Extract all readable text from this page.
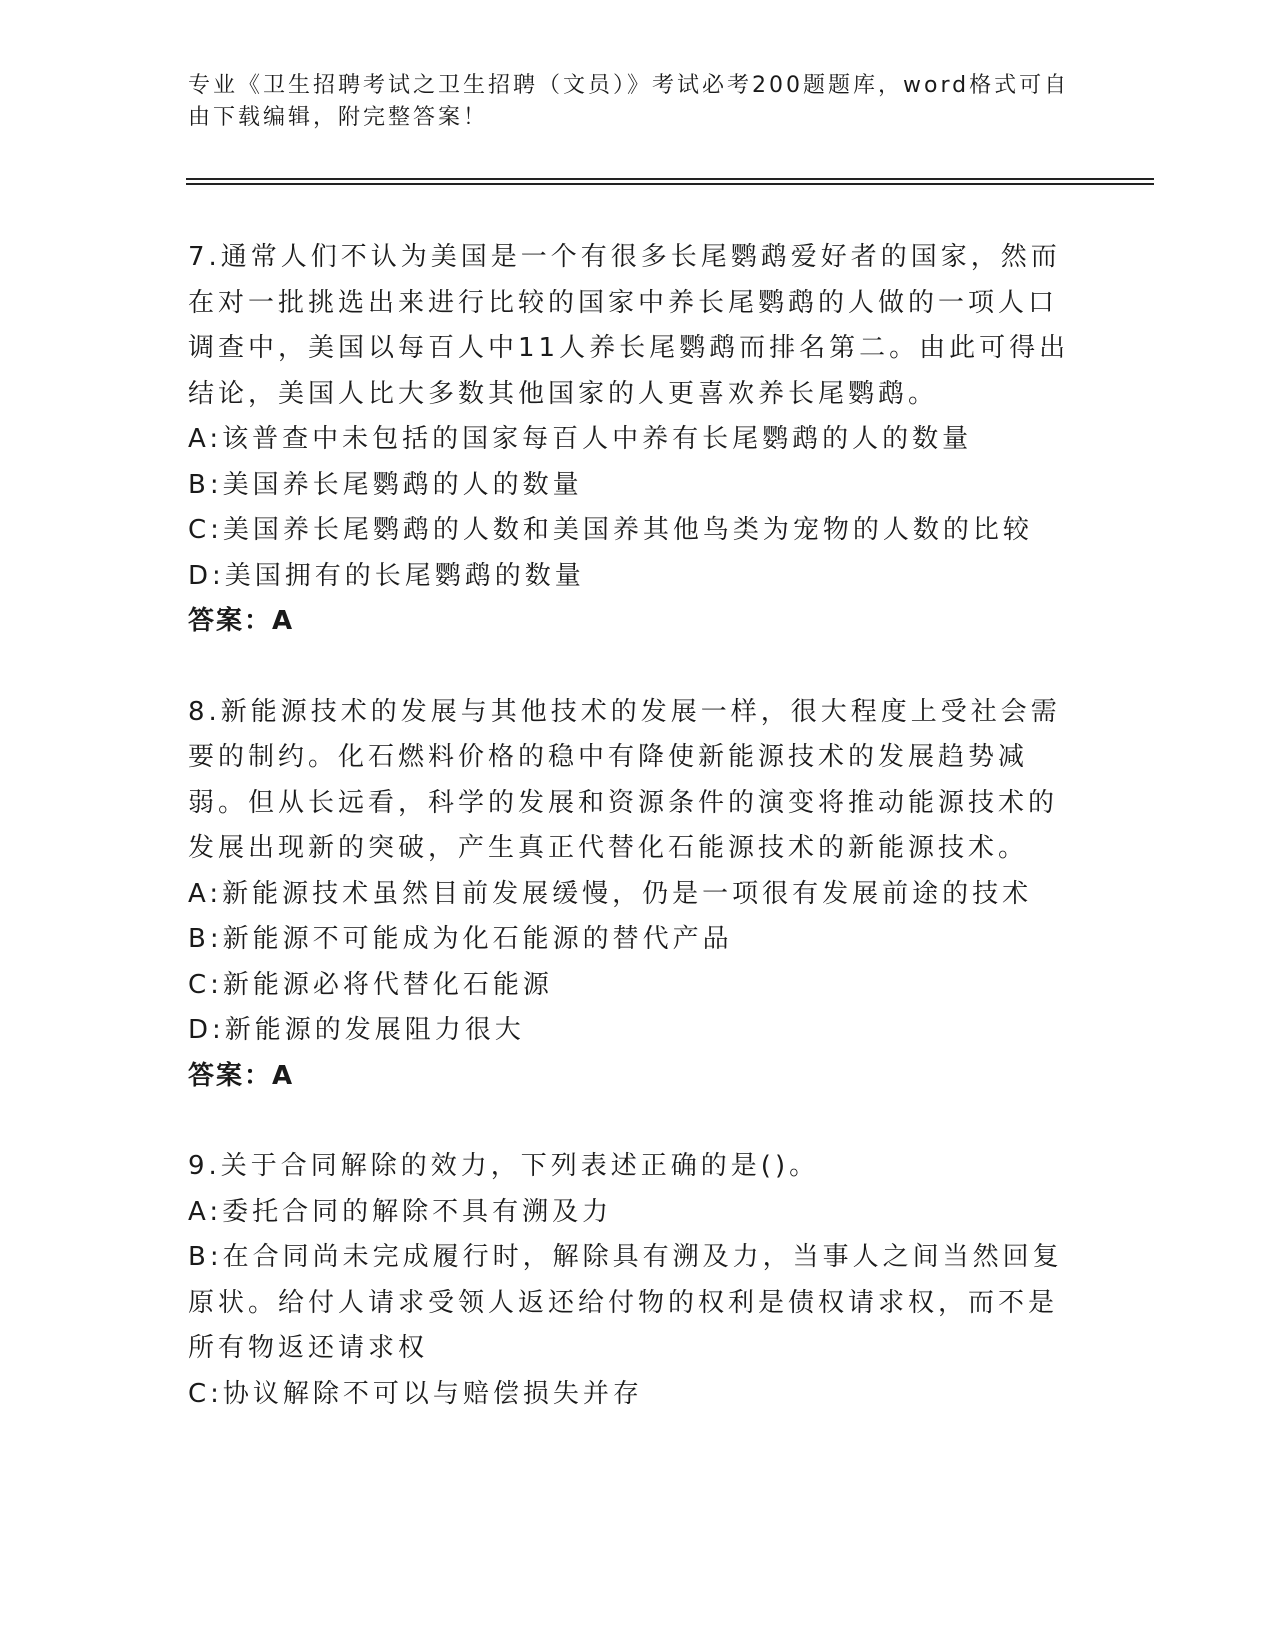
专业《卫生招聘考试之卫生招聘（文员）》考试必考200题题库，word格式可自由下载编辑，附完整答案！

7.通常人们不认为美国是一个有很多长尾鹦鹉爱好者的国家，然而在对一批挑选出来进行比较的国家中养长尾鹦鹉的人做的一项人口调查中，美国以每百人中11人养长尾鹦鹉而排名第二。由此可得出结论，美国人比大多数其他国家的人更喜欢养长尾鹦鹉。

A:该普查中未包括的国家每百人中养有长尾鹦鹉的人的数量

B:美国养长尾鹦鹉的人的数量

C:美国养长尾鹦鹉的人数和美国养其他鸟类为宠物的人数的比较

D:美国拥有的长尾鹦鹉的数量

答案：A

8.新能源技术的发展与其他技术的发展一样，很大程度上受社会需要的制约。化石燃料价格的稳中有降使新能源技术的发展趋势减弱。但从长远看，科学的发展和资源条件的演变将推动能源技术的发展出现新的突破，产生真正代替化石能源技术的新能源技术。

A:新能源技术虽然目前发展缓慢，仍是一项很有发展前途的技术

B:新能源不可能成为化石能源的替代产品

C:新能源必将代替化石能源

D:新能源的发展阻力很大

答案：A

9.关于合同解除的效力，下列表述正确的是()。

A:委托合同的解除不具有溯及力

B:在合同尚未完成履行时，解除具有溯及力，当事人之间当然回复原状。给付人请求受领人返还给付物的权利是债权请求权，而不是所有物返还请求权

C:协议解除不可以与赔偿损失并存
